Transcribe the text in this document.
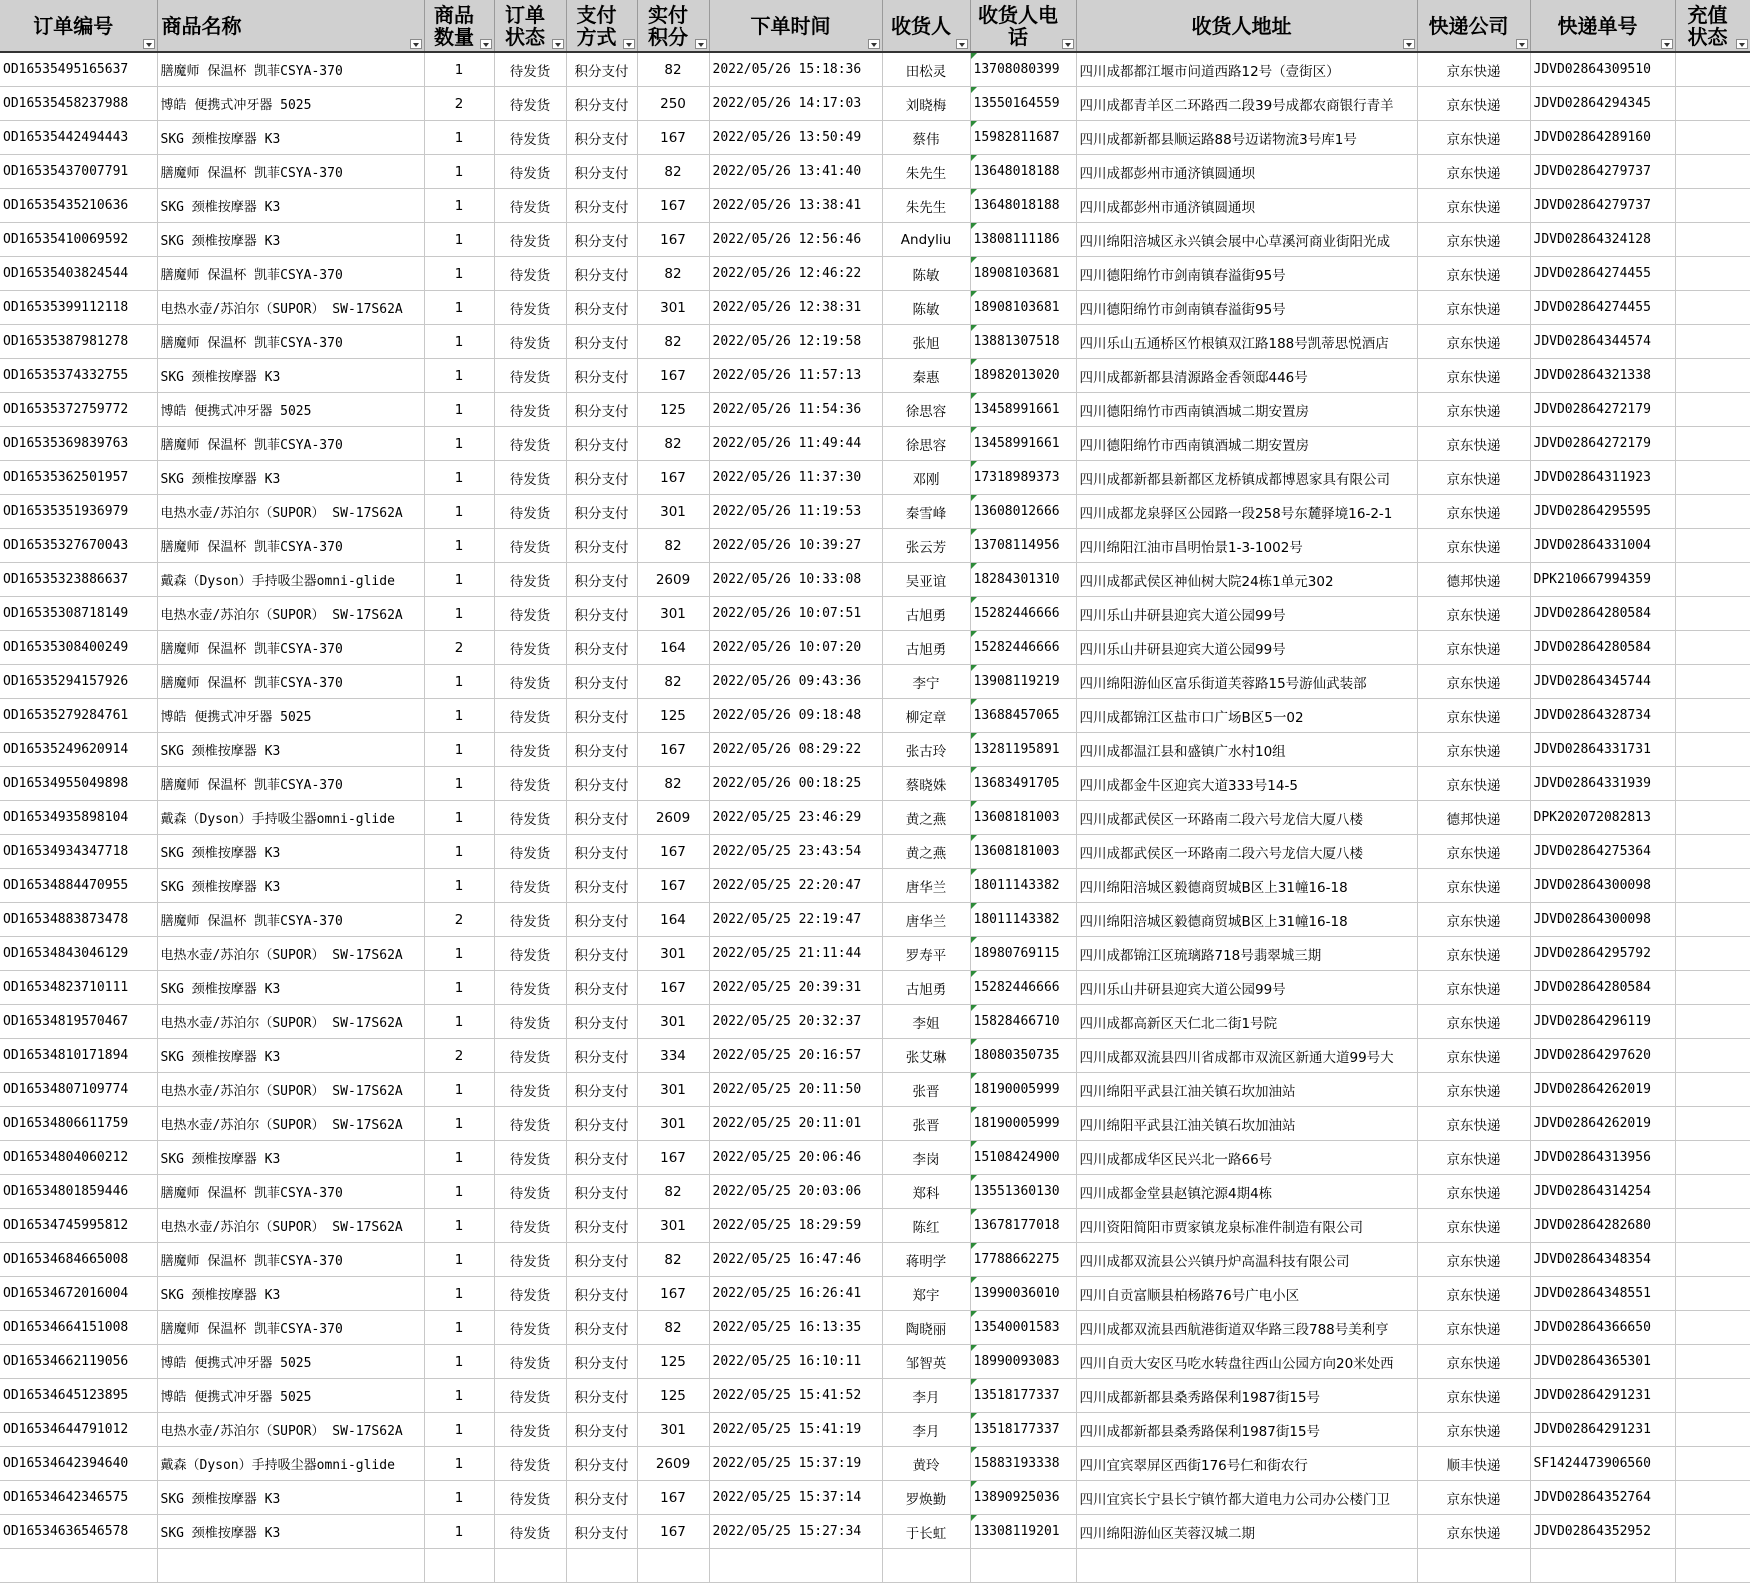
订单编号	商品名称	商品数量	订单状态	支付方式	实付积分	下单时间	收货人	收货人电话	收货人地址	快递公司	快递单号	充值状态

OD16535495165637	膳魔师 保温杯 凯菲CSYA-370	1	待发货	积分支付	82	2022/05/26 15:18:36	田松灵	13708080399	四川成都都江堰市问道西路12号（壹街区）	京东快递	JDVD02864309510	
OD16535458237988	博皓 便携式冲牙器 5025	2	待发货	积分支付	250	2022/05/26 14:17:03	刘晓梅	13550164559	四川成都青羊区二环路西二段39号成都农商银行青羊	京东快递	JDVD02864294345	
OD16535442494443	SKG 颈椎按摩器 K3	1	待发货	积分支付	167	2022/05/26 13:50:49	蔡伟	15982811687	四川成都新都县顺运路88号迈诺物流3号库1号	京东快递	JDVD02864289160	
OD16535437007791	膳魔师 保温杯 凯菲CSYA-370	1	待发货	积分支付	82	2022/05/26 13:41:40	朱先生	13648018188	四川成都彭州市通济镇圆通坝	京东快递	JDVD02864279737	
OD16535435210636	SKG 颈椎按摩器 K3	1	待发货	积分支付	167	2022/05/26 13:38:41	朱先生	13648018188	四川成都彭州市通济镇圆通坝	京东快递	JDVD02864279737	
OD16535410069592	SKG 颈椎按摩器 K3	1	待发货	积分支付	167	2022/05/26 12:56:46	Andyliu	13808111186	四川绵阳涪城区永兴镇会展中心草溪河商业街阳光成	京东快递	JDVD02864324128	
OD16535403824544	膳魔师 保温杯 凯菲CSYA-370	1	待发货	积分支付	82	2022/05/26 12:46:22	陈敏	18908103681	四川德阳绵竹市剑南镇春溢街95号	京东快递	JDVD02864274455	
OD16535399112118	电热水壶/苏泊尔（SUPOR） SW-17S62A	1	待发货	积分支付	301	2022/05/26 12:38:31	陈敏	18908103681	四川德阳绵竹市剑南镇春溢街95号	京东快递	JDVD02864274455	
OD16535387981278	膳魔师 保温杯 凯菲CSYA-370	1	待发货	积分支付	82	2022/05/26 12:19:58	张旭	13881307518	四川乐山五通桥区竹根镇双江路188号凯蒂思悦酒店	京东快递	JDVD02864344574	
OD16535374332755	SKG 颈椎按摩器 K3	1	待发货	积分支付	167	2022/05/26 11:57:13	秦惠	18982013020	四川成都新都县清源路金香领邸446号	京东快递	JDVD02864321338	
OD16535372759772	博皓 便携式冲牙器 5025	1	待发货	积分支付	125	2022/05/26 11:54:36	徐思容	13458991661	四川德阳绵竹市西南镇酒城二期安置房	京东快递	JDVD02864272179	
OD16535369839763	膳魔师 保温杯 凯菲CSYA-370	1	待发货	积分支付	82	2022/05/26 11:49:44	徐思容	13458991661	四川德阳绵竹市西南镇酒城二期安置房	京东快递	JDVD02864272179	
OD16535362501957	SKG 颈椎按摩器 K3	1	待发货	积分支付	167	2022/05/26 11:37:30	邓刚	17318989373	四川成都新都县新都区龙桥镇成都博恩家具有限公司	京东快递	JDVD02864311923	
OD16535351936979	电热水壶/苏泊尔（SUPOR） SW-17S62A	1	待发货	积分支付	301	2022/05/26 11:19:53	秦雪峰	13608012666	四川成都龙泉驿区公园路一段258号东麓驿境16-2-1	京东快递	JDVD02864295595	
OD16535327670043	膳魔师 保温杯 凯菲CSYA-370	1	待发货	积分支付	82	2022/05/26 10:39:27	张云芳	13708114956	四川绵阳江油市昌明怡景1-3-1002号	京东快递	JDVD02864331004	
OD16535323886637	戴森（Dyson）手持吸尘器omni-glide	1	待发货	积分支付	2609	2022/05/26 10:33:08	吴亚谊	18284301310	四川成都武侯区神仙树大院24栋1单元302	德邦快递	DPK210667994359	
OD16535308718149	电热水壶/苏泊尔（SUPOR） SW-17S62A	1	待发货	积分支付	301	2022/05/26 10:07:51	古旭勇	15282446666	四川乐山井研县迎宾大道公园99号	京东快递	JDVD02864280584	
OD16535308400249	膳魔师 保温杯 凯菲CSYA-370	2	待发货	积分支付	164	2022/05/26 10:07:20	古旭勇	15282446666	四川乐山井研县迎宾大道公园99号	京东快递	JDVD02864280584	
OD16535294157926	膳魔师 保温杯 凯菲CSYA-370	1	待发货	积分支付	82	2022/05/26 09:43:36	李宁	13908119219	四川绵阳游仙区富乐街道芙蓉路15号游仙武装部	京东快递	JDVD02864345744	
OD16535279284761	博皓 便携式冲牙器 5025	1	待发货	积分支付	125	2022/05/26 09:18:48	柳定章	13688457065	四川成都锦江区盐市口广场B区5一02	京东快递	JDVD02864328734	
OD16535249620914	SKG 颈椎按摩器 K3	1	待发货	积分支付	167	2022/05/26 08:29:22	张古玲	13281195891	四川成都温江县和盛镇广水村10组	京东快递	JDVD02864331731	
OD16534955049898	膳魔师 保温杯 凯菲CSYA-370	1	待发货	积分支付	82	2022/05/26 00:18:25	蔡晓姝	13683491705	四川成都金牛区迎宾大道333号14-5	京东快递	JDVD02864331939	
OD16534935898104	戴森（Dyson）手持吸尘器omni-glide	1	待发货	积分支付	2609	2022/05/25 23:46:29	黄之燕	13608181003	四川成都武侯区一环路南二段六号龙信大厦八楼	德邦快递	DPK202072082813	
OD16534934347718	SKG 颈椎按摩器 K3	1	待发货	积分支付	167	2022/05/25 23:43:54	黄之燕	13608181003	四川成都武侯区一环路南二段六号龙信大厦八楼	京东快递	JDVD02864275364	
OD16534884470955	SKG 颈椎按摩器 K3	1	待发货	积分支付	167	2022/05/25 22:20:47	唐华兰	18011143382	四川绵阳涪城区毅德商贸城B区上31幢16-18	京东快递	JDVD02864300098	
OD16534883873478	膳魔师 保温杯 凯菲CSYA-370	2	待发货	积分支付	164	2022/05/25 22:19:47	唐华兰	18011143382	四川绵阳涪城区毅德商贸城B区上31幢16-18	京东快递	JDVD02864300098	
OD16534843046129	电热水壶/苏泊尔（SUPOR） SW-17S62A	1	待发货	积分支付	301	2022/05/25 21:11:44	罗寿平	18980769115	四川成都锦江区琉璃路718号翡翠城三期	京东快递	JDVD02864295792	
OD16534823710111	SKG 颈椎按摩器 K3	1	待发货	积分支付	167	2022/05/25 20:39:31	古旭勇	15282446666	四川乐山井研县迎宾大道公园99号	京东快递	JDVD02864280584	
OD16534819570467	电热水壶/苏泊尔（SUPOR） SW-17S62A	1	待发货	积分支付	301	2022/05/25 20:32:37	李姐	15828466710	四川成都高新区天仁北二街1号院	京东快递	JDVD02864296119	
OD16534810171894	SKG 颈椎按摩器 K3	2	待发货	积分支付	334	2022/05/25 20:16:57	张艾琳	18080350735	四川成都双流县四川省成都市双流区新通大道99号大	京东快递	JDVD02864297620	
OD16534807109774	电热水壶/苏泊尔（SUPOR） SW-17S62A	1	待发货	积分支付	301	2022/05/25 20:11:50	张晋	18190005999	四川绵阳平武县江油关镇石坎加油站	京东快递	JDVD02864262019	
OD16534806611759	电热水壶/苏泊尔（SUPOR） SW-17S62A	1	待发货	积分支付	301	2022/05/25 20:11:01	张晋	18190005999	四川绵阳平武县江油关镇石坎加油站	京东快递	JDVD02864262019	
OD16534804060212	SKG 颈椎按摩器 K3	1	待发货	积分支付	167	2022/05/25 20:06:46	李岗	15108424900	四川成都成华区民兴北一路66号	京东快递	JDVD02864313956	
OD16534801859446	膳魔师 保温杯 凯菲CSYA-370	1	待发货	积分支付	82	2022/05/25 20:03:06	郑科	13551360130	四川成都金堂县赵镇沱源4期4栋	京东快递	JDVD02864314254	
OD16534745995812	电热水壶/苏泊尔（SUPOR） SW-17S62A	1	待发货	积分支付	301	2022/05/25 18:29:59	陈红	13678177018	四川资阳简阳市贾家镇龙泉标准件制造有限公司	京东快递	JDVD02864282680	
OD16534684665008	膳魔师 保温杯 凯菲CSYA-370	1	待发货	积分支付	82	2022/05/25 16:47:46	蒋明学	17788662275	四川成都双流县公兴镇丹炉高温科技有限公司	京东快递	JDVD02864348354	
OD16534672016004	SKG 颈椎按摩器 K3	1	待发货	积分支付	167	2022/05/25 16:26:41	郑宇	13990036010	四川自贡富顺县柏杨路76号广电小区	京东快递	JDVD02864348551	
OD16534664151008	膳魔师 保温杯 凯菲CSYA-370	1	待发货	积分支付	82	2022/05/25 16:13:35	陶晓丽	13540001583	四川成都双流县西航港街道双华路三段788号美利亨	京东快递	JDVD02864366650	
OD16534662119056	博皓 便携式冲牙器 5025	1	待发货	积分支付	125	2022/05/25 16:10:11	邹智英	18990093083	四川自贡大安区马吃水转盘往西山公园方向20米处西	京东快递	JDVD02864365301	
OD16534645123895	博皓 便携式冲牙器 5025	1	待发货	积分支付	125	2022/05/25 15:41:52	李月	13518177337	四川成都新都县桑秀路保利1987街15号	京东快递	JDVD02864291231	
OD16534644791012	电热水壶/苏泊尔（SUPOR） SW-17S62A	1	待发货	积分支付	301	2022/05/25 15:41:19	李月	13518177337	四川成都新都县桑秀路保利1987街15号	京东快递	JDVD02864291231	
OD16534642394640	戴森（Dyson）手持吸尘器omni-glide	1	待发货	积分支付	2609	2022/05/25 15:37:19	黄玲	15883193338	四川宜宾翠屏区西街176号仁和街农行	顺丰快递	SF1424473906560	
OD16534642346575	SKG 颈椎按摩器 K3	1	待发货	积分支付	167	2022/05/25 15:37:14	罗焕勤	13890925036	四川宜宾长宁县长宁镇竹都大道电力公司办公楼门卫	京东快递	JDVD02864352764	
OD16534636546578	SKG 颈椎按摩器 K3	1	待发货	积分支付	167	2022/05/25 15:27:34	于长虹	13308119201	四川绵阳游仙区芙蓉汉城二期	京东快递	JDVD02864352952	
